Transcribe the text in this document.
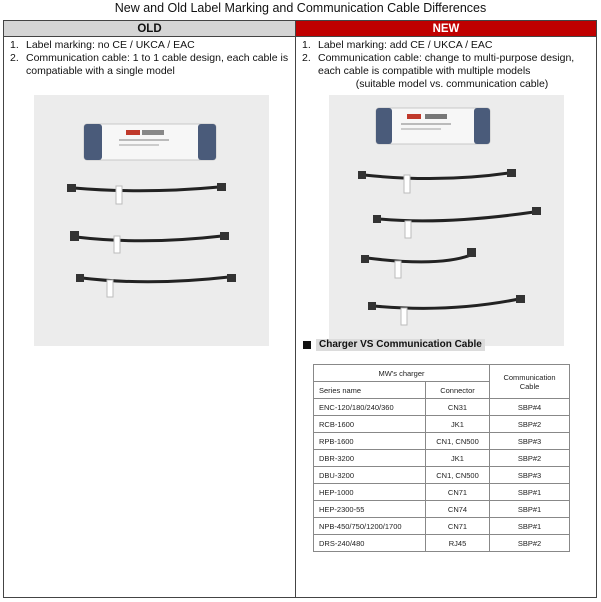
New and Old Label Marking and Communication Cable Differences
OLD	NEW
1. Label marking: no CE / UKCA / EAC
2. Communication cable: 1 to 1 cable design, each cable is compatiable with a single model
1. Label marking: add CE / UKCA / EAC
2. Communication cable: change to multi-purpose design, each cable is compatible with multiple models
(suitable model vs. communication cable)
Charger VS Communication Cable
MW's charger		Communication Cable
Series name	Connector	
ENC-120/180/240/360	CN31	SBP#4
RCB-1600	JK1	SBP#2
RPB-1600	CN1, CN500	SBP#3
DBR-3200	JK1	SBP#2
DBU-3200	CN1, CN500	SBP#3
HEP-1000	CN71	SBP#1
HEP-2300-55	CN74	SBP#1
NPB-450/750/1200/1700	CN71	SBP#1
DRS-240/480	RJ45	SBP#2
